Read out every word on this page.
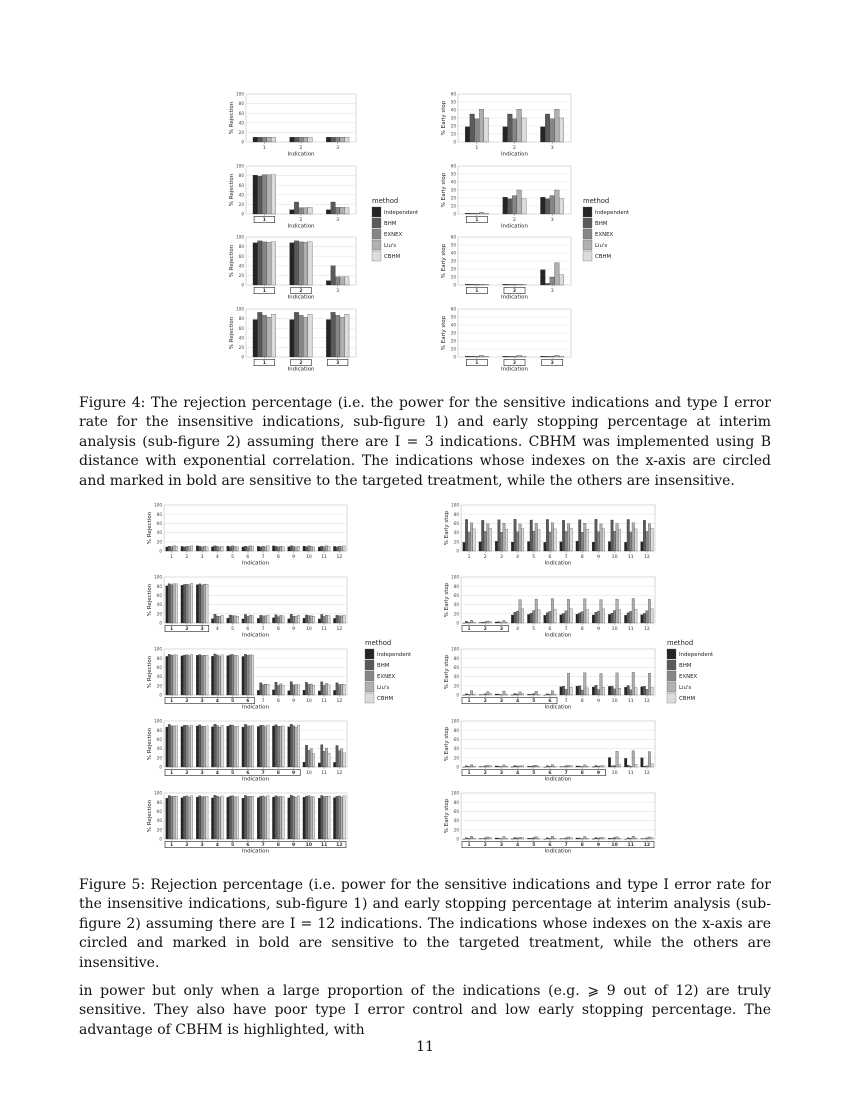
0
20
40
60
80
100
% Rejection
1	2	3
Indication
0
20
40
60
80
100
% Rejection
1	2	3
Indication
0
20
40
60
80
100
% Rejection
1	2	3
Indication
0
20
40
60
80
100
% Rejection
1	2	3
Indication
0
10
20
30
40
50
60
% Early stop
1	2	3
Indication
0
10
20
30
40
50
60
% Early stop
1	2	3
Indication
0
10
20
30
40
50
60
% Early stop
1	2	3
Indication
0
10
20
30
40
50
60
% Early stop
1	2	3
Indication
method
Independent
BHM
EXNEX
Liu's
CBHM
method
Independent
BHM
EXNEX
Liu's
CBHM
0
20
40
60
80
100
% Rejection
1	2	3	4	5	6	7	8	9 10 11 12
Indication
0
20
40
60
80
100
% Rejection
1	2	3	4	5	6	7	8	9 10 11 12
Indication
0
20
40
60
80
100
% Rejection
1	2	3	4	5	6	7	8	9 10 11 12
Indication
0
20
40
60
80
100
% Rejection
1	2	3	4	5	6	7	8	9 10 11 12
Indication
0
20
40
60
80
100
% Rejection
1	2	3	4	5	6	7	8	9 10 11 12
Indication
0
20
40
60
80
100
% Early stop
1	2	3	4	5	6	7	8	9	10 11 12
Indication
0
20
40
60
80
100
% Early stop
1	2	3	4	5	6	7	8	9	10 11 12
Indication
0
20
40
60
80
100
% Early stop
1	2	3	4	5	6	7	8	9	10 11 12
Indication
0
20
40
60
80
100
% Early stop
1	2	3	4	5	6	7	8	9	10 11 12
Indication
0
20
40
60
80
100
% Early stop
1	2	3	4	5	6	7	8	9 10 11 12
Indication
method
Independent
BHM
EXNEX
Liu's
CBHM
method
Independent
BHM
EXNEX
Liu's
CBHM
Figure 4: The rejection percentage (i.e. the power for the sensitive indications and type I error rate for the insensitive indications, sub-figure 1) and early stopping percentage at interim analysis (sub-figure 2) assuming there are I = 3 indications. CBHM was implemented using B distance with exponential correlation. The indications whose indexes on the x-axis are circled and marked in bold are sensitive to the targeted treatment, while the others are insensitive.
Figure 5: Rejection percentage (i.e. power for the sensitive indications and type I error rate for the insensitive indications, sub-figure 1) and early stopping percentage at interim analysis (sub-figure 2) assuming there are I = 12 indications. The indications whose indexes on the x-axis are circled and marked in bold are sensitive to the targeted treatment, while the others are insensitive.
in power but only when a large proportion of the indications (e.g. ⩾ 9 out of 12) are truly sensitive. They also have poor type I error control and low early stopping percentage. The advantage of CBHM is highlighted, with
11
